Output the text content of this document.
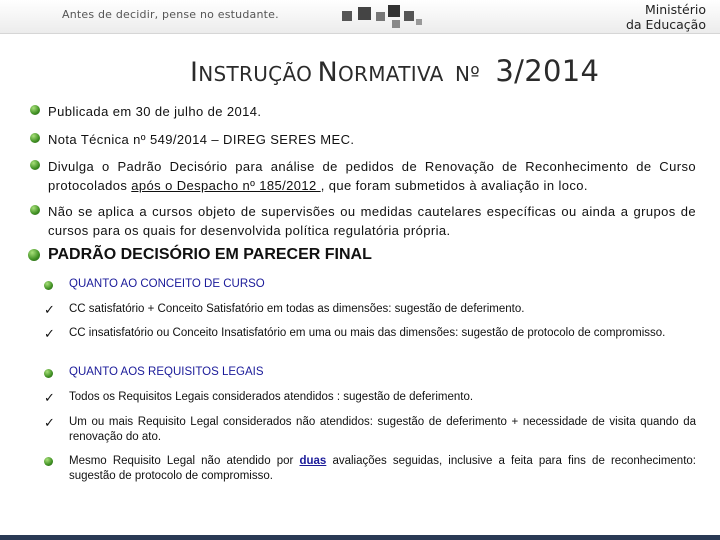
Antes de decidir, pense no estudante.	Ministério
da Educação
INSTRUÇÃO NORMATIVA Nº 3/2014
Publicada em 30 de julho de 2014.
Nota Técnica nº 549/2014 – DIREG SERES MEC.
Divulga o Padrão Decisório para análise de pedidos de Renovação de Reconhecimento de Curso protocolados após o Despacho nº 185/2012 , que foram submetidos à avaliação in loco.
Não se aplica a cursos objeto de supervisões ou medidas cautelares específicas ou ainda a grupos de cursos para os quais for desenvolvida política regulatória própria.
PADRÃO DECISÓRIO EM PARECER FINAL
QUANTO AO CONCEITO DE CURSO
✓ CC satisfatório + Conceito Satisfatório em todas as dimensões: sugestão de deferimento.
✓ CC insatisfatório ou Conceito Insatisfatório em uma ou mais das dimensões: sugestão de protocolo de compromisso.
QUANTO AOS REQUISITOS LEGAIS
✓ Todos os Requisitos Legais considerados atendidos : sugestão de deferimento.
✓ Um ou mais Requisito Legal considerados não atendidos: sugestão de deferimento + necessidade de visita quando da renovação do ato.
Mesmo Requisito Legal não atendido por duas avaliações seguidas, inclusive a feita para fins de reconhecimento: sugestão de protocolo de compromisso.
